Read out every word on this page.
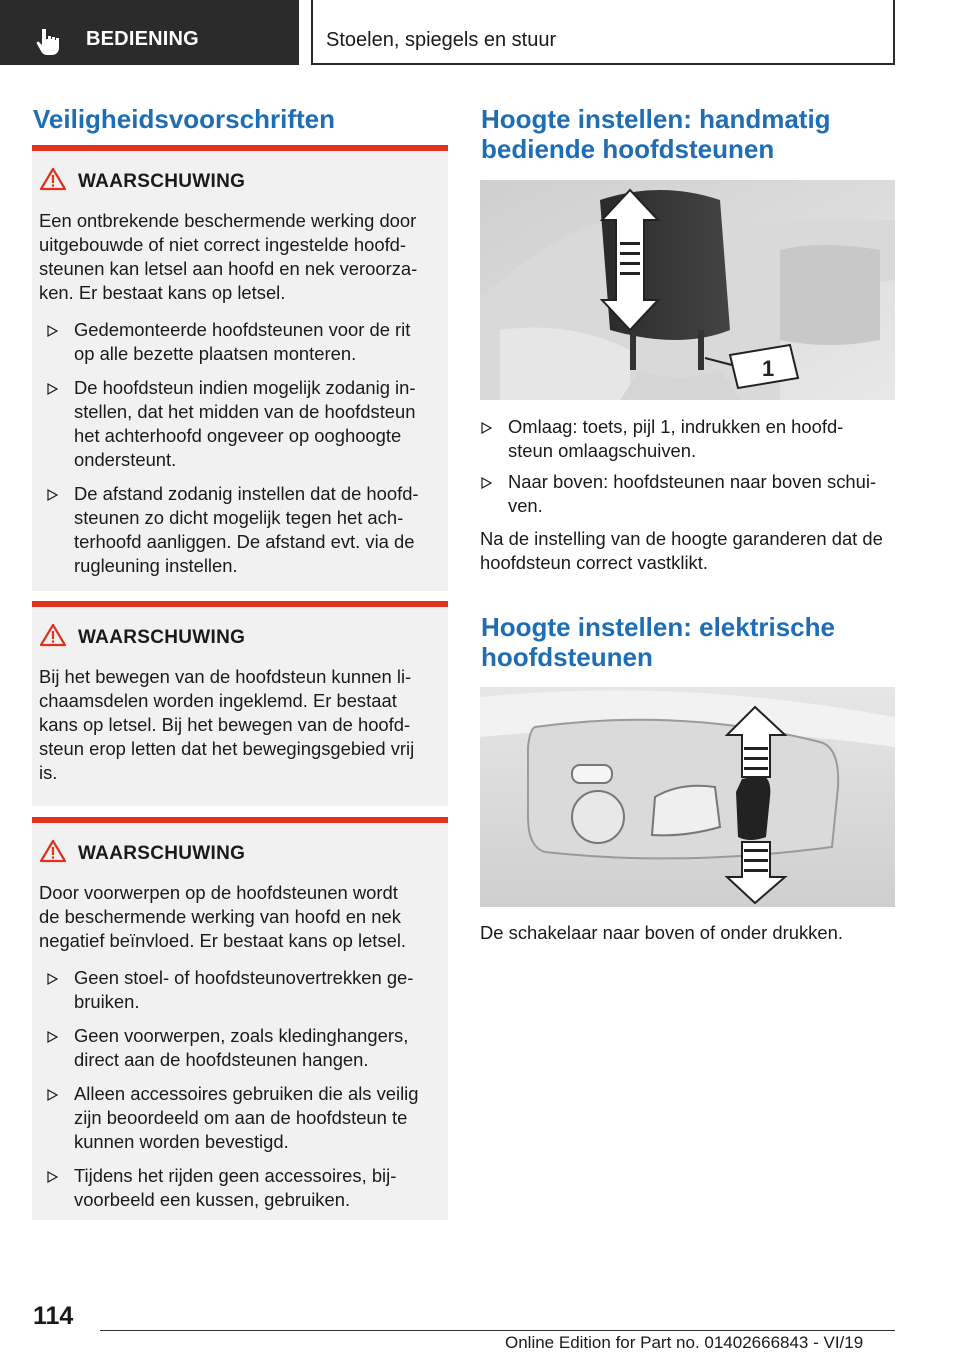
BEDIENING	Stoelen, spiegels en stuur
Veiligheidsvoorschriften
WAARSCHUWING
Een ontbrekende beschermende werking door
uitgebouwde of niet correct ingestelde hoofd-
steunen kan letsel aan hoofd en nek veroorza-
ken. Er bestaat kans op letsel.
Gedemonteerde hoofdsteunen voor de rit
op alle bezette plaatsen monteren.
De hoofdsteun indien mogelijk zodanig in-
stellen, dat het midden van de hoofdsteun
het achterhoofd ongeveer op ooghoogte
ondersteunt.
De afstand zodanig instellen dat de hoofd-
steunen zo dicht mogelijk tegen het ach-
terhoofd aanliggen. De afstand evt. via de
rugleuning instellen.
WAARSCHUWING
Bij het bewegen van de hoofdsteun kunnen li-
chaamsdelen worden ingeklemd. Er bestaat
kans op letsel. Bij het bewegen van de hoofd-
steun erop letten dat het bewegingsgebied vrij
is.
WAARSCHUWING
Door voorwerpen op de hoofdsteunen wordt
de beschermende werking van hoofd en nek
negatief beïnvloed. Er bestaat kans op letsel.
Geen stoel- of hoofdsteunovertrekken ge-
bruiken.
Geen voorwerpen, zoals kledinghangers,
direct aan de hoofdsteunen hangen.
Alleen accessoires gebruiken die als veilig
zijn beoordeeld om aan de hoofdsteun te
kunnen worden bevestigd.
Tijdens het rijden geen accessoires, bij-
voorbeeld een kussen, gebruiken.
Hoogte instellen: handmatig
bediende hoofdsteunen
1
Omlaag: toets, pijl 1, indrukken en hoofd-
steun omlaagschuiven.
Naar boven: hoofdsteunen naar boven schui-
ven.
Na de instelling van de hoogte garanderen dat de
hoofdsteun correct vastklikt.
Hoogte instellen: elektrische
hoofdsteunen
De schakelaar naar boven of onder drukken.
114
Online Edition for Part no. 01402666843 - VI/19
